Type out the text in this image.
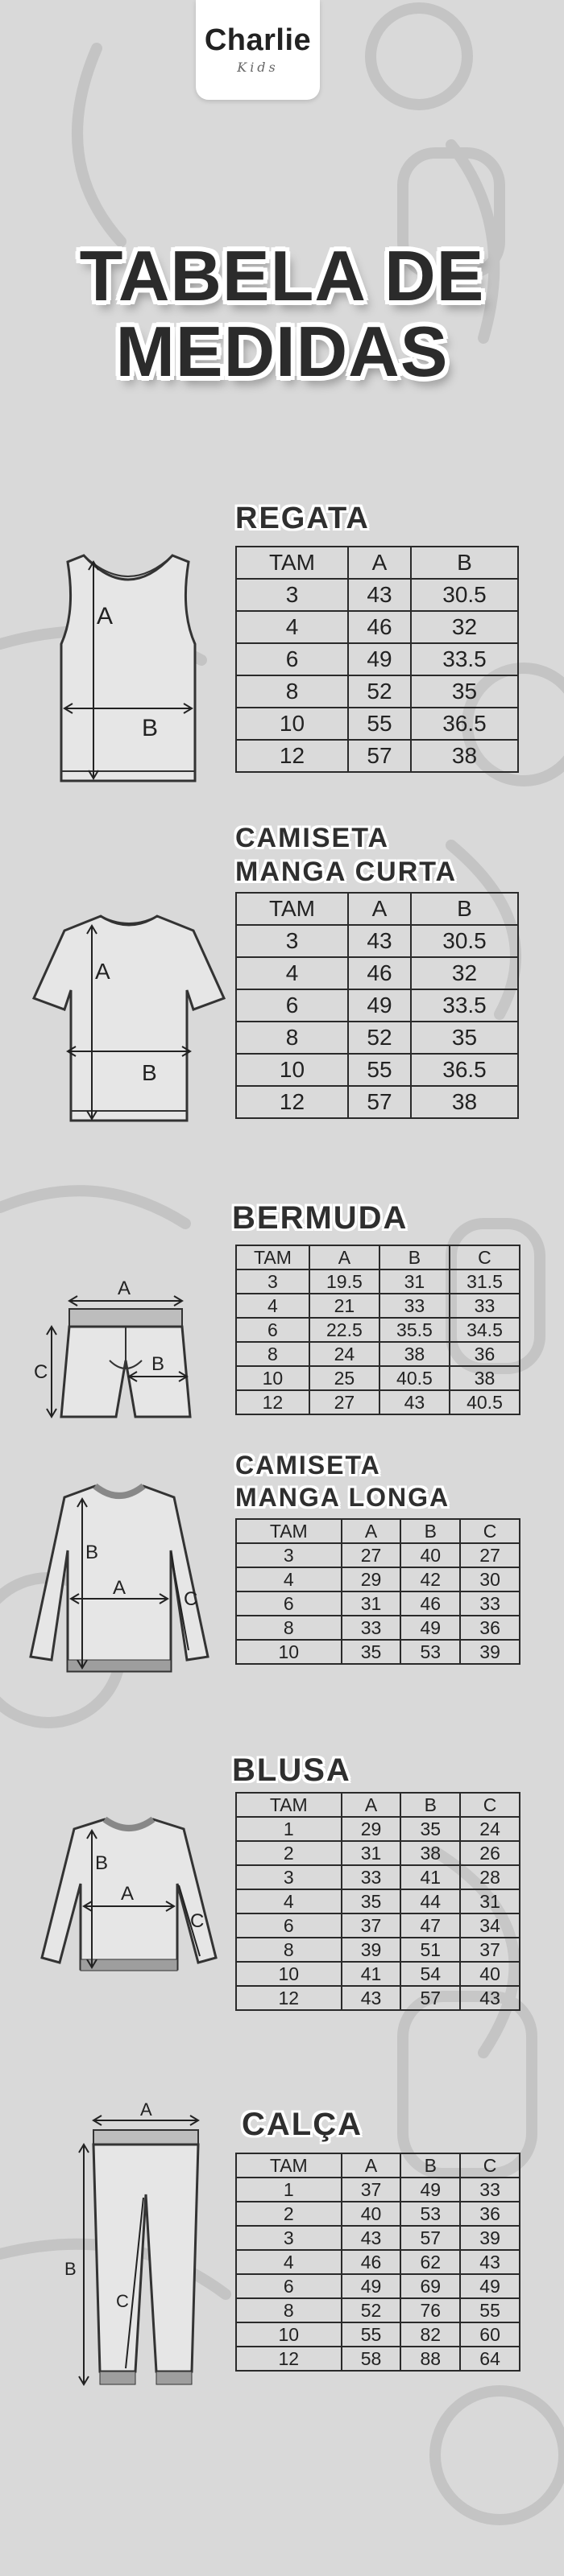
Charlie
Kids
TABELA DE
MEDIDAS
REGATA
A
B
TAM	A	B
3	43	30.5
4	46	32
6	49	33.5
8	52	35
10	55	36.5
12	57	38
CAMISETA
MANGA CURTA
A
B
TAM	A	B
3	43	30.5
4	46	32
6	49	33.5
8	52	35
10	55	36.5
12	57	38
BERMUDA
A
B
C
TAM	A	B	C
3	19.5	31	31.5
4	21	33	33
6	22.5	35.5	34.5
8	24	38	36
10	25	40.5	38
12	27	43	40.5
CAMISETA
MANGA LONGA
B
A
C
TAM	A	B	C
3	27	40	27
4	29	42	30
6	31	46	33
8	33	49	36
10	35	53	39
BLUSA
B
A
C
TAM	A	B	C
1	29	35	24
2	31	38	26
3	33	41	28
4	35	44	31
6	37	47	34
8	39	51	37
10	41	54	40
12	43	57	43
CALÇA
A
B
C
TAM	A	B	C
1	37	49	33
2	40	53	36
3	43	57	39
4	46	62	43
6	49	69	49
8	52	76	55
10	55	82	60
12	58	88	64
